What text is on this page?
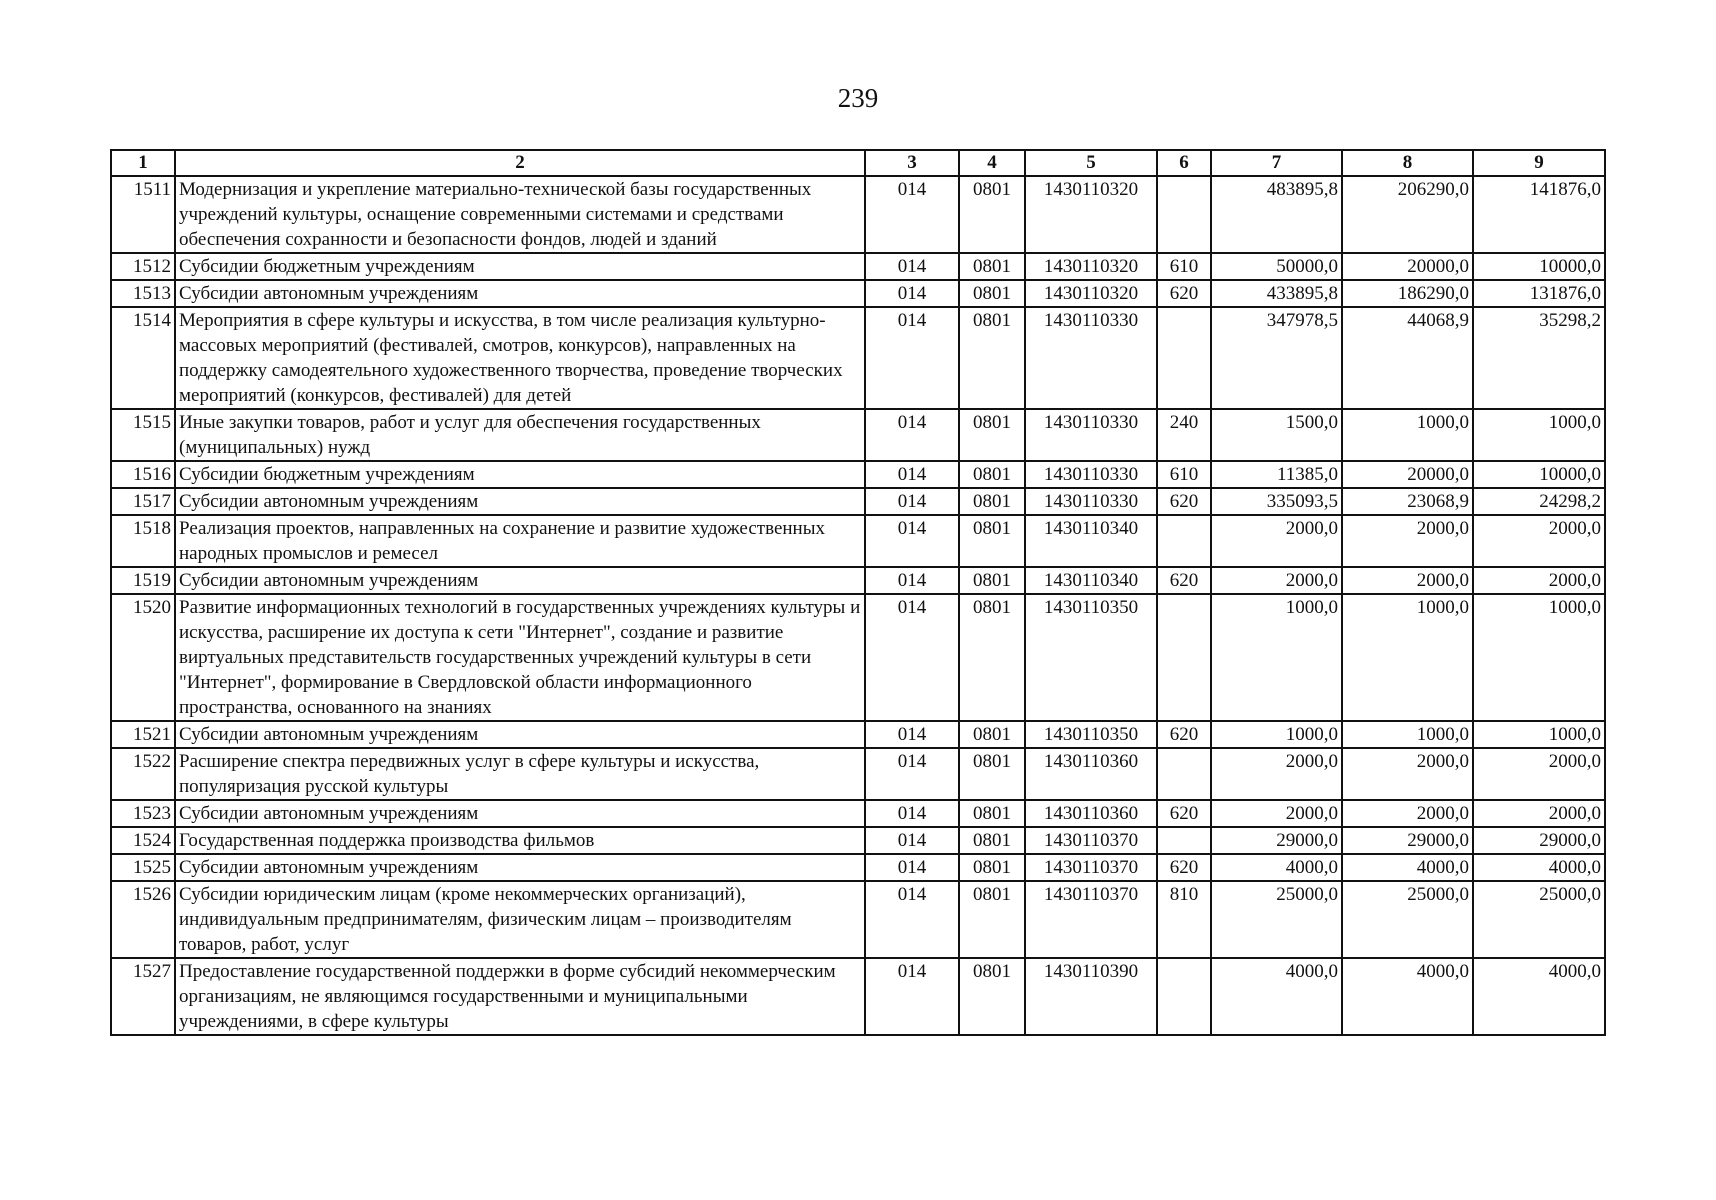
239
1	2	3	4	5	6	7	8	9
1511	Модернизация и укрепление материально-технической базы государственных учреждений культуры, оснащение современными системами и средствами обеспечения сохранности и безопасности фондов, людей и зданий	014	0801	1430110320		483895,8	206290,0	141876,0
1512	Субсидии бюджетным учреждениям	014	0801	1430110320	610	50000,0	20000,0	10000,0
1513	Субсидии автономным учреждениям	014	0801	1430110320	620	433895,8	186290,0	131876,0
1514	Мероприятия в сфере культуры и искусства, в том числе реализация культурно-массовых мероприятий (фестивалей, смотров, конкурсов), направленных на поддержку самодеятельного художественного творчества, проведение творческих мероприятий (конкурсов, фестивалей) для детей	014	0801	1430110330		347978,5	44068,9	35298,2
1515	Иные закупки товаров, работ и услуг для обеспечения государственных (муниципальных) нужд	014	0801	1430110330	240	1500,0	1000,0	1000,0
1516	Субсидии бюджетным учреждениям	014	0801	1430110330	610	11385,0	20000,0	10000,0
1517	Субсидии автономным учреждениям	014	0801	1430110330	620	335093,5	23068,9	24298,2
1518	Реализация проектов, направленных на сохранение и развитие художественных народных промыслов и ремесел	014	0801	1430110340		2000,0	2000,0	2000,0
1519	Субсидии автономным учреждениям	014	0801	1430110340	620	2000,0	2000,0	2000,0
1520	Развитие информационных технологий в государственных учреждениях культуры и искусства, расширение их доступа к сети "Интернет", создание и развитие виртуальных представительств государственных учреждений культуры в сети "Интернет", формирование в Свердловской области информационного пространства, основанного на знаниях	014	0801	1430110350		1000,0	1000,0	1000,0
1521	Субсидии автономным учреждениям	014	0801	1430110350	620	1000,0	1000,0	1000,0
1522	Расширение спектра передвижных услуг в сфере культуры и искусства, популяризация русской культуры	014	0801	1430110360		2000,0	2000,0	2000,0
1523	Субсидии автономным учреждениям	014	0801	1430110360	620	2000,0	2000,0	2000,0
1524	Государственная поддержка производства фильмов	014	0801	1430110370		29000,0	29000,0	29000,0
1525	Субсидии автономным учреждениям	014	0801	1430110370	620	4000,0	4000,0	4000,0
1526	Субсидии юридическим лицам (кроме некоммерческих организаций), индивидуальным предпринимателям, физическим лицам – производителям товаров, работ, услуг	014	0801	1430110370	810	25000,0	25000,0	25000,0
1527	Предоставление государственной поддержки в форме субсидий некоммерческим организациям, не являющимся государственными и муниципальными учреждениями, в сфере культуры	014	0801	1430110390		4000,0	4000,0	4000,0
